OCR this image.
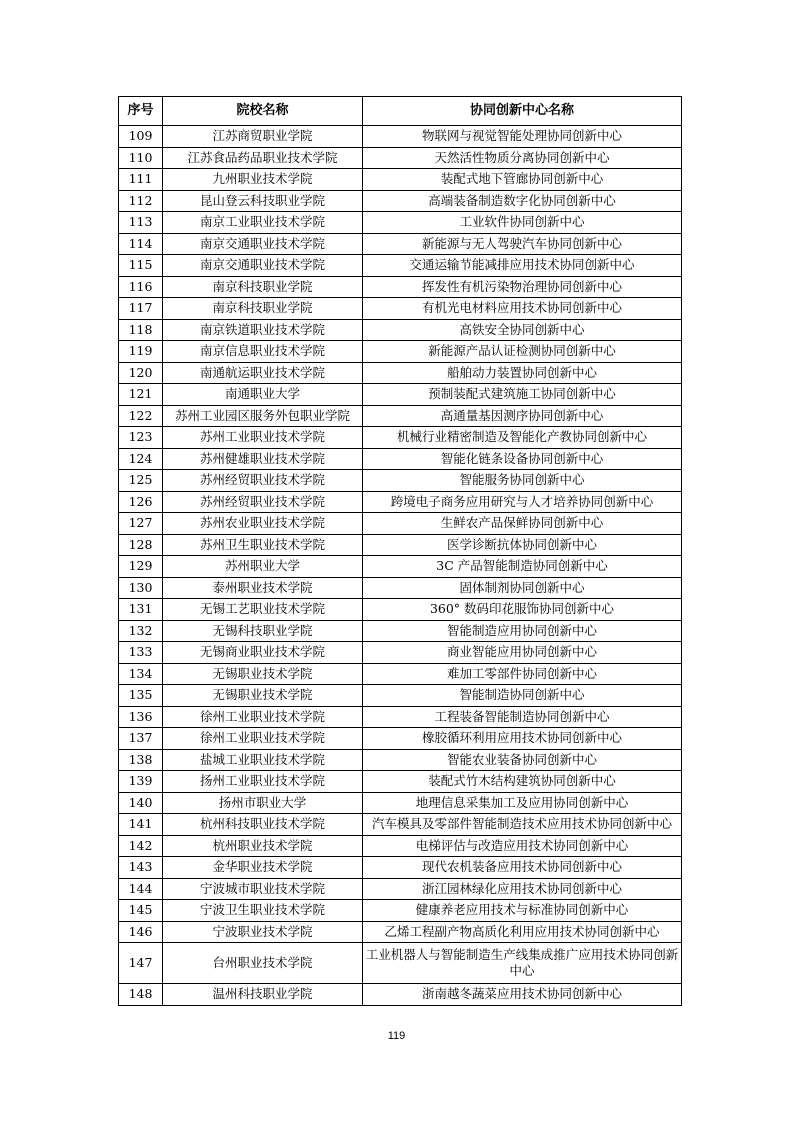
序号	院校名称	协同创新中心名称
109	江苏商贸职业学院	物联网与视觉智能处理协同创新中心
110	江苏食品药品职业技术学院	天然活性物质分离协同创新中心
111	九州职业技术学院	装配式地下管廊协同创新中心
112	昆山登云科技职业学院	高端装备制造数字化协同创新中心
113	南京工业职业技术学院	工业软件协同创新中心
114	南京交通职业技术学院	新能源与无人驾驶汽车协同创新中心
115	南京交通职业技术学院	交通运输节能减排应用技术协同创新中心
116	南京科技职业学院	挥发性有机污染物治理协同创新中心
117	南京科技职业学院	有机光电材料应用技术协同创新中心
118	南京铁道职业技术学院	高铁安全协同创新中心
119	南京信息职业技术学院	新能源产品认证检测协同创新中心
120	南通航运职业技术学院	船舶动力装置协同创新中心
121	南通职业大学	预制装配式建筑施工协同创新中心
122	苏州工业园区服务外包职业学院	高通量基因测序协同创新中心
123	苏州工业职业技术学院	机械行业精密制造及智能化产教协同创新中心
124	苏州健雄职业技术学院	智能化链条设备协同创新中心
125	苏州经贸职业技术学院	智能服务协同创新中心
126	苏州经贸职业技术学院	跨境电子商务应用研究与人才培养协同创新中心
127	苏州农业职业技术学院	生鲜农产品保鲜协同创新中心
128	苏州卫生职业技术学院	医学诊断抗体协同创新中心
129	苏州职业大学	3C 产品智能制造协同创新中心
130	泰州职业技术学院	固体制剂协同创新中心
131	无锡工艺职业技术学院	360° 数码印花服饰协同创新中心
132	无锡科技职业学院	智能制造应用协同创新中心
133	无锡商业职业技术学院	商业智能应用协同创新中心
134	无锡职业技术学院	难加工零部件协同创新中心
135	无锡职业技术学院	智能制造协同创新中心
136	徐州工业职业技术学院	工程装备智能制造协同创新中心
137	徐州工业职业技术学院	橡胶循环利用应用技术协同创新中心
138	盐城工业职业技术学院	智能农业装备协同创新中心
139	扬州工业职业技术学院	装配式竹木结构建筑协同创新中心
140	扬州市职业大学	地理信息采集加工及应用协同创新中心
141	杭州科技职业技术学院	汽车模具及零部件智能制造技术应用技术协同创新中心
142	杭州职业技术学院	电梯评估与改造应用技术协同创新中心
143	金华职业技术学院	现代农机装备应用技术协同创新中心
144	宁波城市职业技术学院	浙江园林绿化应用技术协同创新中心
145	宁波卫生职业技术学院	健康养老应用技术与标准协同创新中心
146	宁波职业技术学院	乙烯工程副产物高质化利用应用技术协同创新中心
147	台州职业技术学院	工业机器人与智能制造生产线集成推广应用技术协同创新中心
148	温州科技职业学院	浙南越冬蔬菜应用技术协同创新中心
119
